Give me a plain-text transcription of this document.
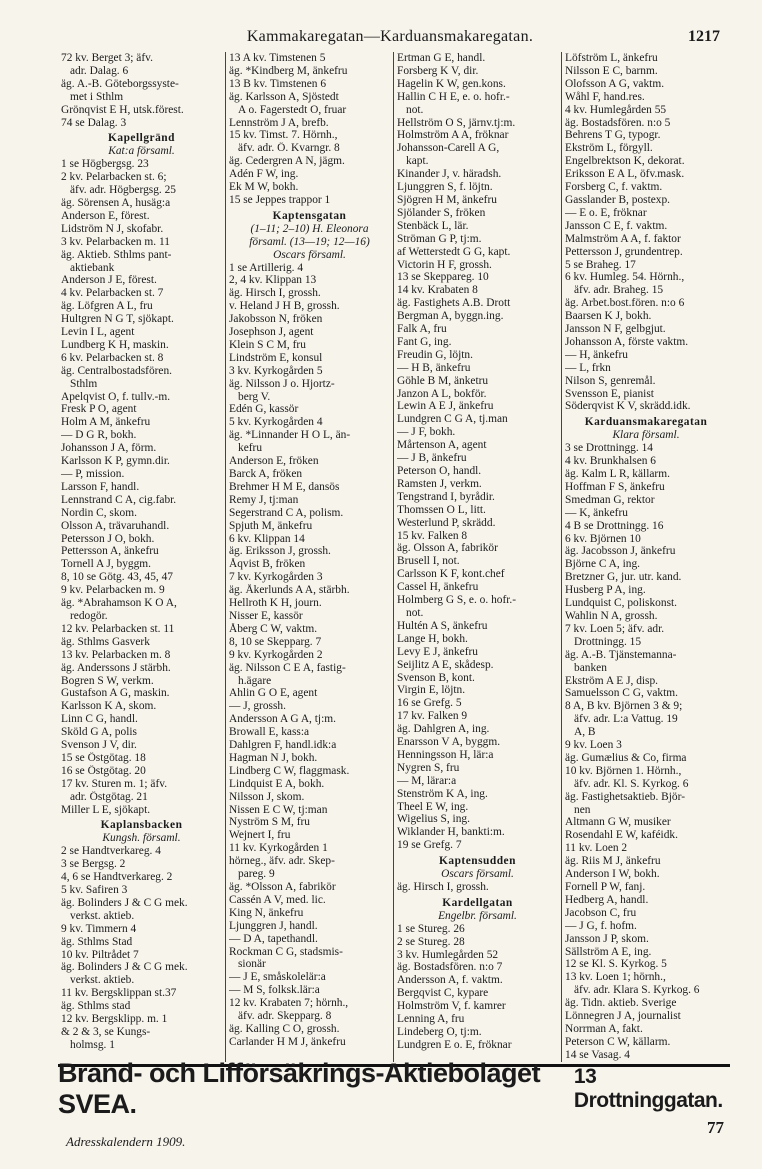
Kammakaregatan—Karduansmakaregatan.	1217
72 kv. Berget 3; äfv.
adr. Dalag. 6
äg. A.-B. Göteborgssyste-
met i Sthlm
Grönqvist E H, utsk.förest.
74 se Dalag. 3
Kapellgränd
Kat:a församl.
1 se Högbergsg. 23
2 kv. Pelarbacken st. 6;
äfv. adr. Högbergsg. 25
äg. Sörensen A, husäg:a
Anderson E, förest.
Lidström N J, skofabr.
3 kv. Pelarbacken m. 11
äg. Aktieb. Sthlms pant-
aktiebank
Anderson J E, förest.
4 kv. Pelarbacken st. 7
äg. Löfgren A L, fru
Hultgren N G T, sjökapt.
Levin I L, agent
Lundberg K H, maskin.
6 kv. Pelarbacken st. 8
äg. Centralbostadsfören.
Sthlm
Apelqvist O, f. tullv.-m.
Fresk P O, agent
Holm A M, änkefru
— D G R, bokh.
Johansson J A, förm.
Karlsson K P, gymn.dir.
— P, mission.
Larsson F, handl.
Lennstrand C A, cig.fabr.
Nordin C, skom.
Olsson A, trävaruhandl.
Petersson J O, bokh.
Pettersson A, änkefru
Tornell A J, byggm.
8, 10 se Götg. 43, 45, 47
9 kv. Pelarbacken m. 9
äg. *Abrahamson K O A,
redogör.
12 kv. Pelarbacken st. 11
äg. Sthlms Gasverk
13 kv. Pelarbacken m. 8
äg. Anderssons J stärbh.
Bogren S W, verkm.
Gustafson A G, maskin.
Karlsson K A, skom.
Linn C G, handl.
Sköld G A, polis
Svenson J V, dir.
15 se Östgötag. 18
16 se Östgötag. 20
17 kv. Sturen m. 1; äfv.
adr. Östgötag. 21
Miller L E, sjökapt.
Kaplansbacken
Kungsh. församl.
2 se Handtverkareg. 4
3 se Bergsg. 2
4, 6 se Handtverkareg. 2
5 kv. Safiren 3
äg. Bolinders J & C G mek.
verkst. aktieb.
9 kv. Timmern 4
äg. Sthlms Stad
10 kv. Piltrådet 7
äg. Bolinders J & C G mek.
verkst. aktieb.
11 kv. Bergsklippan st.37
äg. Sthlms stad
12 kv. Bergsklipp. m. 1
& 2 & 3, se Kungs-
holmsg. 1
13 A kv. Timstenen 5
äg. *Kindberg M, änkefru
13 B kv. Timstenen 6
äg. Karlsson A, Sjöstedt
A o. Fagerstedt O, fruar
Lennström J A, brefb.
15 kv. Timst. 7. Hörnh.,
äfv. adr. Ö. Kvarngr. 8
äg. Cedergren A N, jägm.
Adén F W, ing.
Ek M W, bokh.
15 se Jeppes trappor 1
Kaptensgatan
(1–11; 2–10) H. Eleonora
församl. (13—19; 12—16)
Oscars församl.
1 se Artillerig. 4
2, 4 kv. Klippan 13
äg. Hirsch I, grossh.
v. Heland J H B, grossh.
Jakobsson N, fröken
Josephson J, agent
Klein S C M, fru
Lindström E, konsul
3 kv. Kyrkogården 5
äg. Nilsson J o. Hjortz-
berg V.
Edén G, kassör
5 kv. Kyrkogården 4
äg. *Linnander H O L, än-
kefru
Anderson E, fröken
Barck A, fröken
Brehmer H M E, dansös
Remy J, tj:man
Segerstrand C A, polism.
Spjuth M, änkefru
6 kv. Klippan 14
äg. Eriksson J, grossh.
Åqvist B, fröken
7 kv. Kyrkogården 3
äg. Åkerlunds A A, stärbh.
Hellroth K H, journ.
Nisser E, kassör
Åberg C W, vaktm.
8, 10 se Skepparg. 7
9 kv. Kyrkogården 2
äg. Nilsson C E A, fastig-
h.ägare
Ahlin G O E, agent
— J, grossh.
Andersson A G A, tj:m.
Browall E, kass:a
Dahlgren F, handl.idk:a
Hagman N J, bokh.
Lindberg C W, flaggmask.
Lindquist E A, bokh.
Nilsson J, skom.
Nissen E C W, tj:man
Nyström S M, fru
Wejnert I, fru
11 kv. Kyrkogården 1
hörneg., äfv. adr. Skep-
pareg. 9
äg. *Olsson A, fabrikör
Cassén A V, med. lic.
King N, änkefru
Ljunggren J, handl.
— D A, tapethandl.
Rockman C G, stadsmis-
sionär
— J E, småskolelär:a
— M S, folksk.lär:a
12 kv. Krabaten 7; hörnh.,
äfv. adr. Skepparg. 8
äg. Kalling C O, grossh.
Carlander H M J, änkefru
Ertman G E, handl.
Forsberg K V, dir.
Hagelin K W, gen.kons.
Hallin C H E, e. o. hofr.-
not.
Hellström O S, järnv.tj:m.
Holmström A A, fröknar
Johansson-Carell A G,
kapt.
Kinander J, v. häradsh.
Ljunggren S, f. löjtn.
Sjögren H M, änkefru
Sjölander S, fröken
Stenbäck L, lär.
Ströman G P, tj:m.
af Wetterstedt G G, kapt.
Victorin H F, grossh.
13 se Skeppareg. 10
14 kv. Krabaten 8
äg. Fastighets A.B. Drott
Bergman A, byggn.ing.
Falk A, fru
Fant G, ing.
Freudin G, löjtn.
— H B, änkefru
Göhle B M, änketru
Janzon A L, bokför.
Lewin A E J, änkefru
Lundgren C G A, tj.man
— J F, bokh.
Mårtenson A, agent
— J B, änkefru
Peterson O, handl.
Ramsten J, verkm.
Tengstrand I, byrådir.
Thomssen O L, litt.
Westerlund P, skrädd.
15 kv. Falken 8
äg. Olsson A, fabrikör
Brusell I, not.
Carlsson K F, kont.chef
Cassel H, änkefru
Holmberg G S, e. o. hofr.-
not.
Hultén A S, änkefru
Lange H, bokh.
Levy E J, änkefru
Seijlitz A E, skådesp.
Svenson B, kont.
Virgin E, löjtn.
16 se Grefg. 5
17 kv. Falken 9
äg. Dahlgren A, ing.
Enarsson V A, byggm.
Henningsson H, lär:a
Nygren S, fru
— M, lärar:a
Stenström K A, ing.
Theel E W, ing.
Wigelius S, ing.
Wiklander H, bankti:m.
19 se Grefg. 7
Kaptensudden
Oscars församl.
äg. Hirsch I, grossh.
Kardellgatan
Engelbr. församl.
1 se Stureg. 26
2 se Stureg. 28
3 kv. Humlegården 52
äg. Bostadsfören. n:o 7
Andersson A, f. vaktm.
Bergqvist C, kypare
Holmström V, f. kamrer
Lenning A, fru
Lindeberg O, tj:m.
Lundgren E o. E, fröknar
Löfström L, änkefru
Nilsson E C, barnm.
Olofsson A G, vaktm.
Wåhl F, hand.res.
4 kv. Humlegården 55
äg. Bostadsfören. n:o 5
Behrens T G, typogr.
Ekström L, förgyll.
Engelbrektson K, dekorat.
Eriksson E A L, öfv.mask.
Forsberg C, f. vaktm.
Gasslander B, postexp.
— E o. E, fröknar
Jansson C E, f. vaktm.
Malmström A A, f. faktor
Pettersson J, grundentrep.
5 se Braheg. 17
6 kv. Humleg. 54. Hörnh.,
äfv. adr. Braheg. 15
äg. Arbet.bost.fören. n:o 6
Baarsen K J, bokh.
Jansson N F, gelbgjut.
Johansson A, förste vaktm.
— H, änkefru
— L, frkn
Nilson S, genremål.
Svensson E, pianist
Söderqvist K V, skrädd.idk.
Karduansmakaregatan
Klara församl.
3 se Drottningg. 14
4 kv. Brunkhalsen 6
äg. Kalm L R, källarm.
Hoffman F S, änkefru
Smedman G, rektor
— K, änkefru
4 B se Drottningg. 16
6 kv. Björnen 10
äg. Jacobsson J, änkefru
Björne C A, ing.
Bretzner G, jur. utr. kand.
Husberg P A, ing.
Lundquist C, poliskonst.
Wahlin N A, grossh.
7 kv. Loen 5; äfv. adr.
Drottningg. 15
äg. A.-B. Tjänstemanna-
banken
Ekström A E J, disp.
Samuelsson C G, vaktm.
8 A, B kv. Björnen 3 & 9;
äfv. adr. L:a Vattug. 19
A, B
9 kv. Loen 3
äg. Gumælius & Co, firma
10 kv. Björnen 1. Hörnh.,
äfv. adr. Kl. S. Kyrkog. 6
äg. Fastighetsaktieb. Björ-
nen
Altmann G W, musiker
Rosendahl E W, kaféidk.
11 kv. Loen 2
äg. Riis M J, änkefru
Anderson I W, bokh.
Fornell P W, fanj.
Hedberg A, handl.
Jacobson C, fru
— J G, f. hofm.
Jansson J P, skom.
Sällström A E, ing.
12 se Kl. S. Kyrkog. 5
13 kv. Loen 1; hörnh.,
äfv. adr. Klara S. Kyrkog. 6
äg. Tidn. aktieb. Sverige
Lönnegren J A, journalist
Norrman A, fakt.
Peterson C W, källarm.
14 se Vasag. 4
Brand- och Lifförsäkrings-Aktiebolaget SVEA.
13 Drottninggatan.
Adresskalendern 1909.
77
